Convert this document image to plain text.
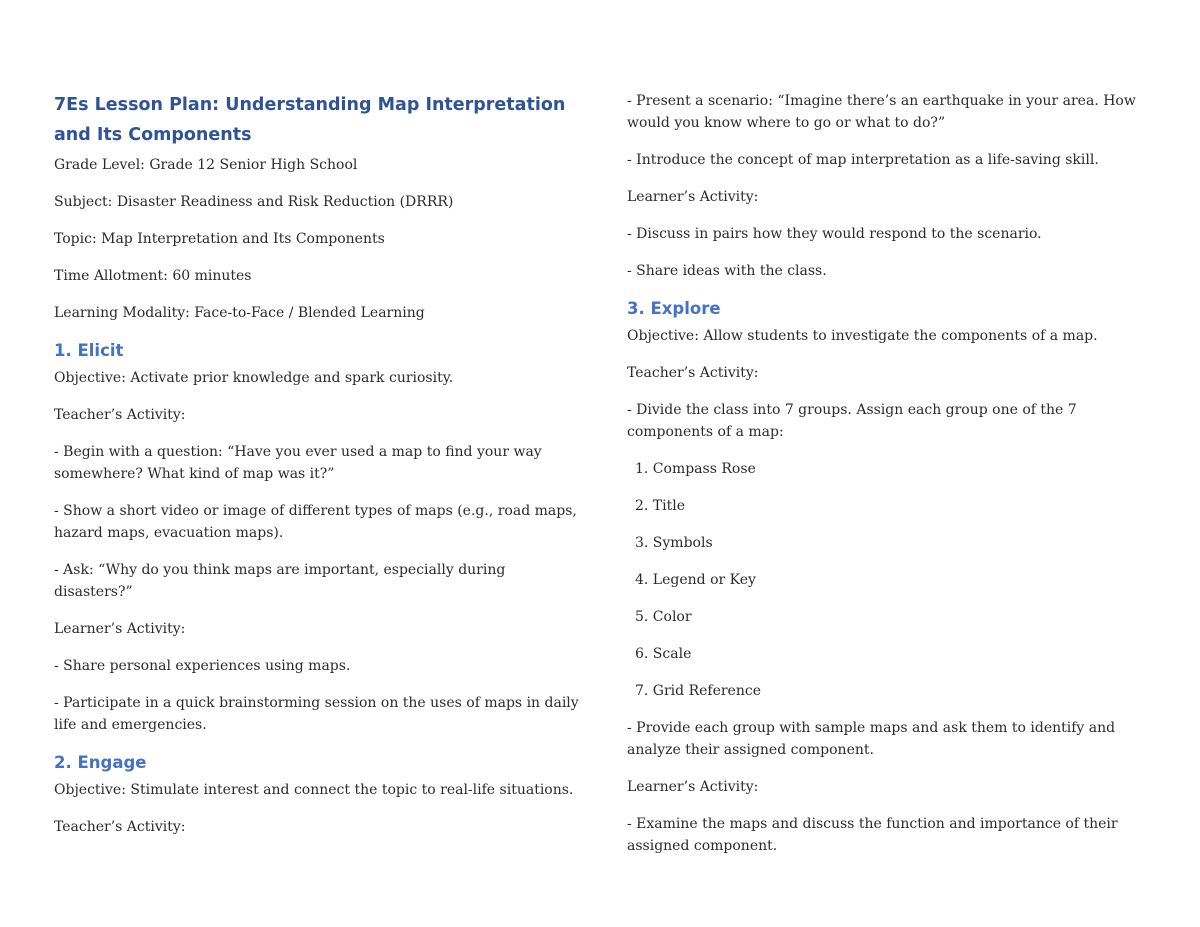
7Es Lesson Plan: Understanding Map Interpretation and Its Components
Grade Level: Grade 12 Senior High School
Subject: Disaster Readiness and Risk Reduction (DRRR)
Topic: Map Interpretation and Its Components
Time Allotment: 60 minutes
Learning Modality: Face-to-Face / Blended Learning
1. Elicit
Objective: Activate prior knowledge and spark curiosity.
Teacher’s Activity:
- Begin with a question: “Have you ever used a map to find your way somewhere? What kind of map was it?”
- Show a short video or image of different types of maps (e.g., road maps, hazard maps, evacuation maps).
- Ask: “Why do you think maps are important, especially during disasters?”
Learner’s Activity:
- Share personal experiences using maps.
- Participate in a quick brainstorming session on the uses of maps in daily life and emergencies.
2. Engage
Objective: Stimulate interest and connect the topic to real-life situations.
Teacher’s Activity:
- Present a scenario: “Imagine there’s an earthquake in your area. How would you know where to go or what to do?”
- Introduce the concept of map interpretation as a life-saving skill.
Learner’s Activity:
- Discuss in pairs how they would respond to the scenario.
- Share ideas with the class.
3. Explore
Objective: Allow students to investigate the components of a map.
Teacher’s Activity:
- Divide the class into 7 groups. Assign each group one of the 7 components of a map:
1. Compass Rose
2. Title
3. Symbols
4. Legend or Key
5. Color
6. Scale
7. Grid Reference
- Provide each group with sample maps and ask them to identify and analyze their assigned component.
Learner’s Activity:
- Examine the maps and discuss the function and importance of their assigned component.
